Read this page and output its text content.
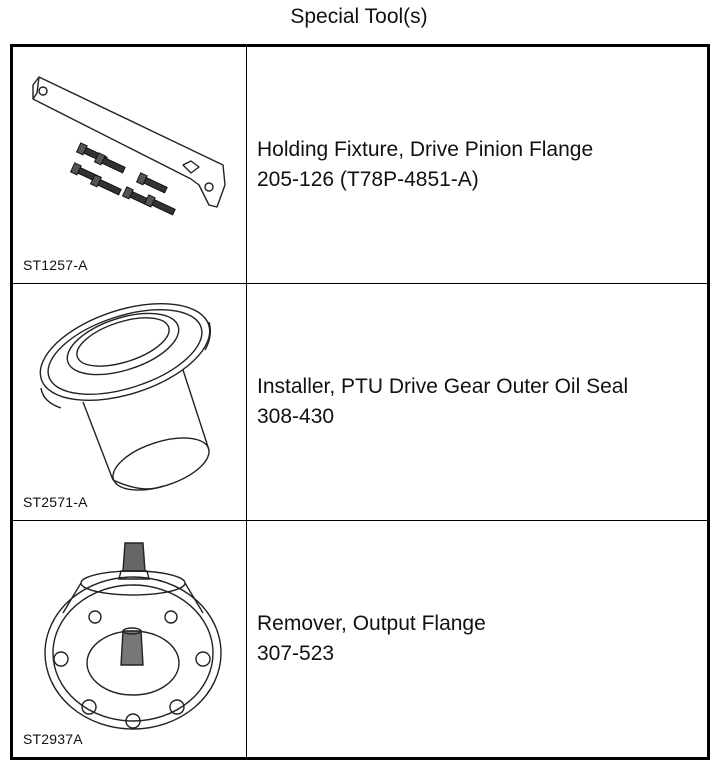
Special Tool(s)
ST1257-A
Holding Fixture, Drive Pinion Flange
205-126 (T78P-4851-A)
ST2571-A
Installer, PTU Drive Gear Outer Oil Seal
308-430
ST2937A
Remover, Output Flange
307-523
